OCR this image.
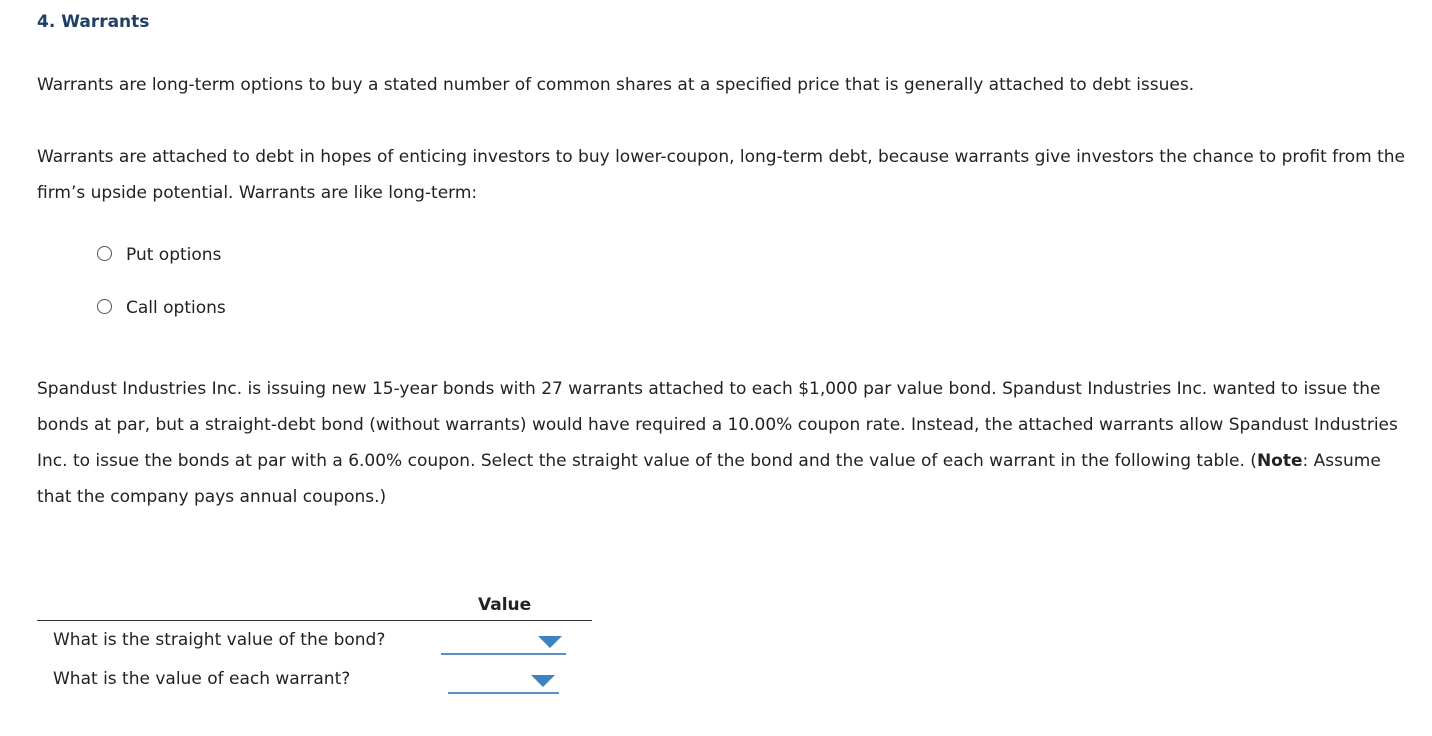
4. Warrants

Warrants are long-term options to buy a stated number of common shares at a specified price that is generally attached to debt issues.

Warrants are attached to debt in hopes of enticing investors to buy lower-coupon, long-term debt, because warrants give investors the chance to profit from the firm’s upside potential. Warrants are like long-term:

Put options
Call options

Spandust Industries Inc. is issuing new 15-year bonds with 27 warrants attached to each $1,000 par value bond. Spandust Industries Inc. wanted to issue the bonds at par, but a straight-debt bond (without warrants) would have required a 10.00% coupon rate. Instead, the attached warrants allow Spandust Industries Inc. to issue the bonds at par with a 6.00% coupon. Select the straight value of the bond and the value of each warrant in the following table. (Note: Assume that the company pays annual coupons.)

Value
What is the straight value of the bond?
What is the value of each warrant?
